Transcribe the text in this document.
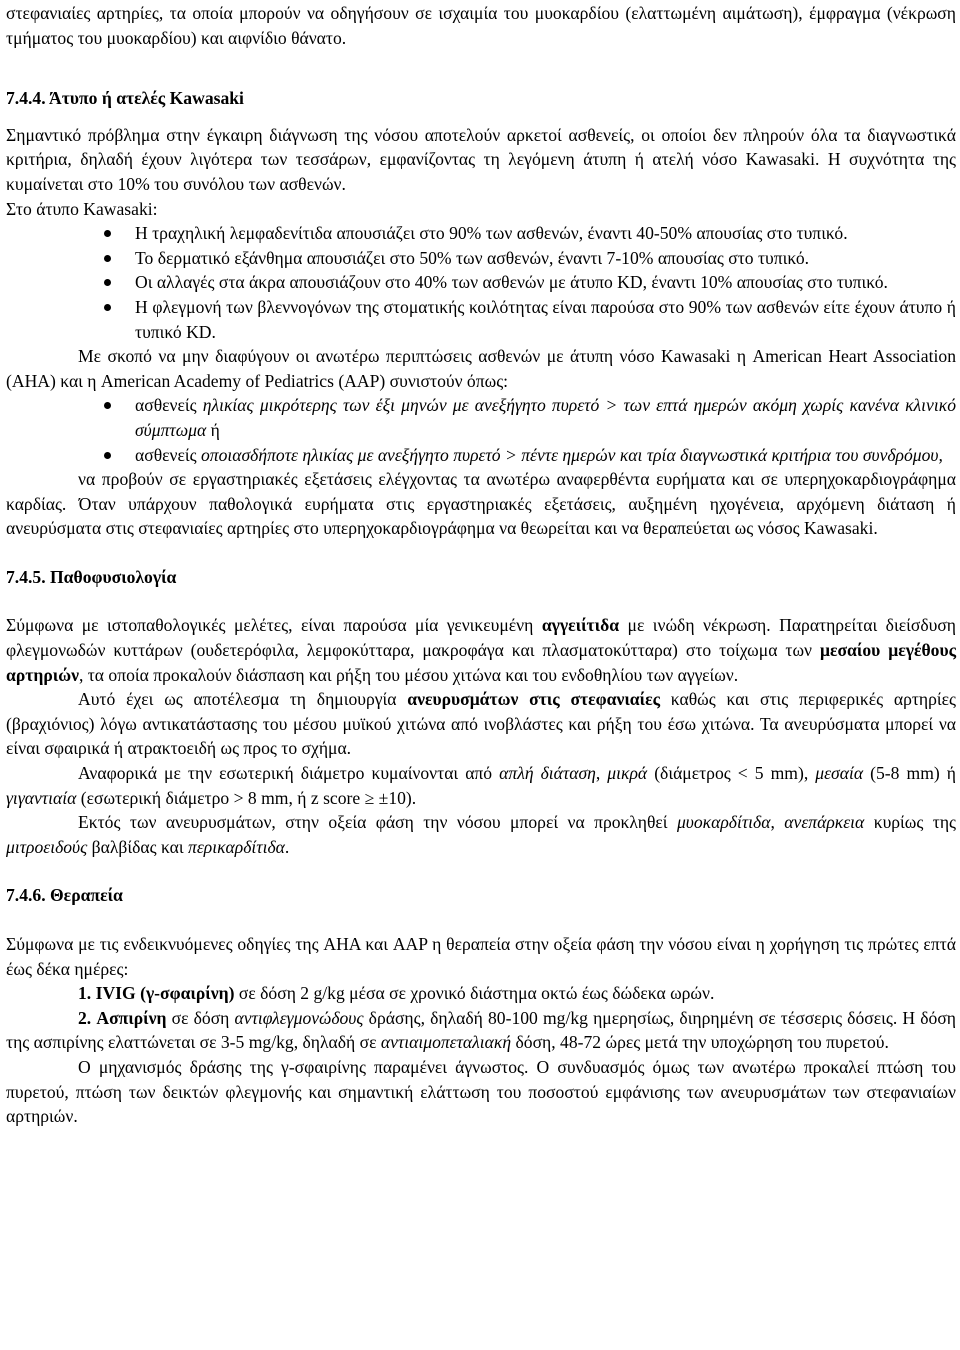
στεφανιαίες αρτηρίες, τα οποία μπορούν να οδηγήσουν σε ισχαιμία του μυοκαρδίου (ελαττωμένη αιμάτωση), έμφραγμα (νέκρωση τμήματος του μυοκαρδίου) και αιφνίδιο θάνατο.

7.4.4. Άτυπο ή ατελές Kawasaki

Σημαντικό πρόβλημα στην έγκαιρη διάγνωση της νόσου αποτελούν αρκετοί ασθενείς, οι οποίοι δεν πληρούν όλα τα διαγνωστικά κριτήρια, δηλαδή έχουν λιγότερα των τεσσάρων, εμφανίζοντας τη λεγόμενη άτυπη ή ατελή νόσο Kawasaki. Η συχνότητα της κυμαίνεται στο 10% του συνόλου των ασθενών.

Στο άτυπο Kawasaki:

Η τραχηλική λεμφαδενίτιδα απουσιάζει στο 90% των ασθενών, έναντι 40-50% απουσίας στο τυπικό.
Το δερματικό εξάνθημα απουσιάζει στο 50% των ασθενών, έναντι 7-10% απουσίας στο τυπικό.
Οι αλλαγές στα άκρα απουσιάζουν στο 40% των ασθενών με άτυπο KD, έναντι 10% απουσίας στο τυπικό.
Η φλεγμονή των βλεννογόνων της στοματικής κοιλότητας είναι παρούσα στο 90% των ασθενών είτε έχουν άτυπο ή τυπικό KD.

Με σκοπό να μην διαφύγουν οι ανωτέρω περιπτώσεις ασθενών με άτυπη νόσο Kawasaki η American Heart Association (AHA) και η American Academy of Pediatrics (AAP) συνιστούν όπως:

ασθενείς ηλικίας μικρότερης των έξι μηνών με ανεξήγητο πυρετό > των επτά ημερών ακόμη χωρίς κανένα κλινικό σύμπτωμα ή
ασθενείς οποιασδήποτε ηλικίας με ανεξήγητο πυρετό > πέντε ημερών και τρία διαγνωστικά κριτήρια του συνδρόμου,

να προβούν σε εργαστηριακές εξετάσεις ελέγχοντας τα ανωτέρω αναφερθέντα ευρήματα και σε υπερηχοκαρδιογράφημα καρδίας. Όταν υπάρχουν παθολογικά ευρήματα στις εργαστηριακές εξετάσεις, αυξημένη ηχογένεια, αρχόμενη διάταση ή ανευρύσματα στις στεφανιαίες αρτηρίες στο υπερηχοκαρδιογράφημα να θεωρείται και να θεραπεύεται ως νόσος Kawasaki.

7.4.5. Παθοφυσιολογία

Σύμφωνα με ιστοπαθολογικές μελέτες, είναι παρούσα μία γενικευμένη αγγειίτιδα με ινώδη νέκρωση. Παρατηρείται διείσδυση φλεγμονωδών κυττάρων (ουδετερόφιλα, λεμφοκύτταρα, μακροφάγα και πλασματοκύτταρα) στο τοίχωμα των μεσαίου μεγέθους αρτηριών, τα οποία προκαλούν διάσπαση και ρήξη του μέσου χιτώνα και του ενδοθηλίου των αγγείων.

Αυτό έχει ως αποτέλεσμα τη δημιουργία ανευρυσμάτων στις στεφανιαίες καθώς και στις περιφερικές αρτηρίες (βραχιόνιος) λόγω αντικατάστασης του μέσου μυϊκού χιτώνα από ινοβλάστες και ρήξη του έσω χιτώνα. Τα ανευρύσματα μπορεί να είναι σφαιρικά ή ατρακτοειδή ως προς το σχήμα.

Αναφορικά με την εσωτερική διάμετρο κυμαίνονται από απλή διάταση, μικρά (διάμετρος < 5 mm), μεσαία (5-8 mm) ή γιγαντιαία (εσωτερική διάμετρο > 8 mm, ή z score ≥ ±10).

Εκτός των ανευρυσμάτων, στην οξεία φάση την νόσου μπορεί να προκληθεί μυοκαρδίτιδα, ανεπάρκεια κυρίως της μιτροειδούς βαλβίδας και περικαρδίτιδα.

7.4.6. Θεραπεία

Σύμφωνα με τις ενδεικνυόμενες οδηγίες της AHA και AAP η θεραπεία στην οξεία φάση την νόσου είναι η χορήγηση τις πρώτες επτά έως δέκα ημέρες:

1. IVIG (γ-σφαιρίνη) σε δόση 2 g/kg μέσα σε χρονικό διάστημα οκτώ έως δώδεκα ωρών.

2. Ασπιρίνη σε δόση αντιφλεγμονώδους δράσης, δηλαδή 80-100 mg/kg ημερησίως, διηρημένη σε τέσσερις δόσεις. Η δόση της ασπιρίνης ελαττώνεται σε 3-5 mg/kg, δηλαδή σε αντιαιμοπεταλιακή δόση, 48-72 ώρες μετά την υποχώρηση του πυρετού.

Ο μηχανισμός δράσης της γ-σφαιρίνης παραμένει άγνωστος. Ο συνδυασμός όμως των ανωτέρω προκαλεί πτώση του πυρετού, πτώση των δεικτών φλεγμονής και σημαντική ελάττωση του ποσοστού εμφάνισης των ανευρυσμάτων των στεφανιαίων αρτηριών.
